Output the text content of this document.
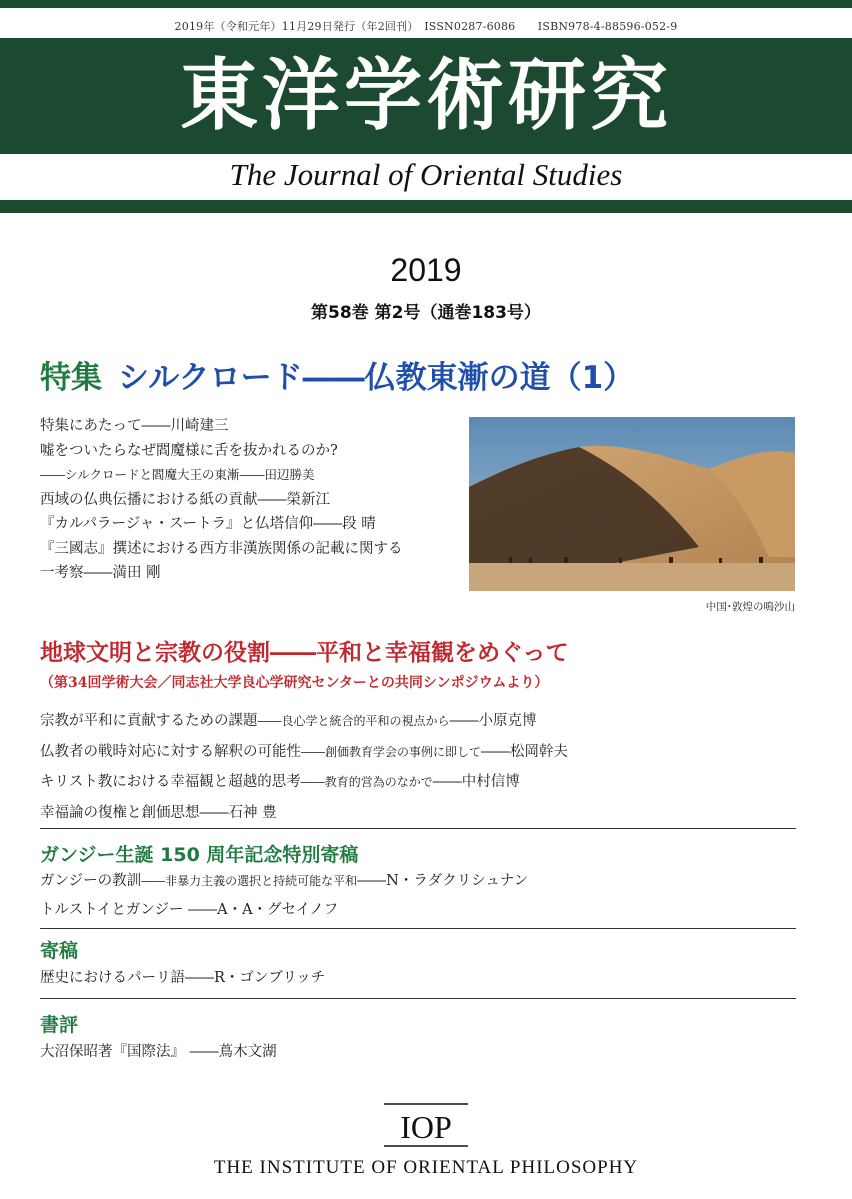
2019年（令和元年）11月29日発行（年2回刊）　ISSN0287-6086　　ISBN978-4-88596-052-9
東洋学術研究
The Journal of Oriental Studies
2019
第58巻 第2号（通巻183号）
特集 シルクロード――仏教東漸の道（1）
特集にあたって――川崎建三
嘘をついたらなぜ閻魔様に舌を抜かれるのか?
――シルクロードと閻魔大王の東漸――田辺勝美
西域の仏典伝播における紙の貢献――榮新江
『カルパラージャ・スートラ』と仏塔信仰――段 晴
『三國志』撰述における西方非漢族関係の記載に関する
一考察――満田 剛
中国･敦煌の鳴沙山
地球文明と宗教の役割――平和と幸福観をめぐって
（第34回学術大会／同志社大学良心学研究センターとの共同シンポジウムより）
宗教が平和に貢献するための課題――良心学と統合的平和の視点から――小原克博
仏教者の戦時対応に対する解釈の可能性――創価教育学会の事例に即して――松岡幹夫
キリスト教における幸福観と超越的思考――教育的営為のなかで――中村信博
幸福論の復権と創価思想――石神 豊
ガンジー生誕 150 周年記念特別寄稿
ガンジーの教訓――非暴力主義の選択と持続可能な平和――N・ラダクリシュナン
トルストイとガンジー ――A・A・グセイノフ
寄稿
歴史におけるパーリ語――R・ゴンブリッチ
書評
大沼保昭著『国際法』 ――蔦木文湖
IOP
THE INSTITUTE OF ORIENTAL PHILOSOPHY
